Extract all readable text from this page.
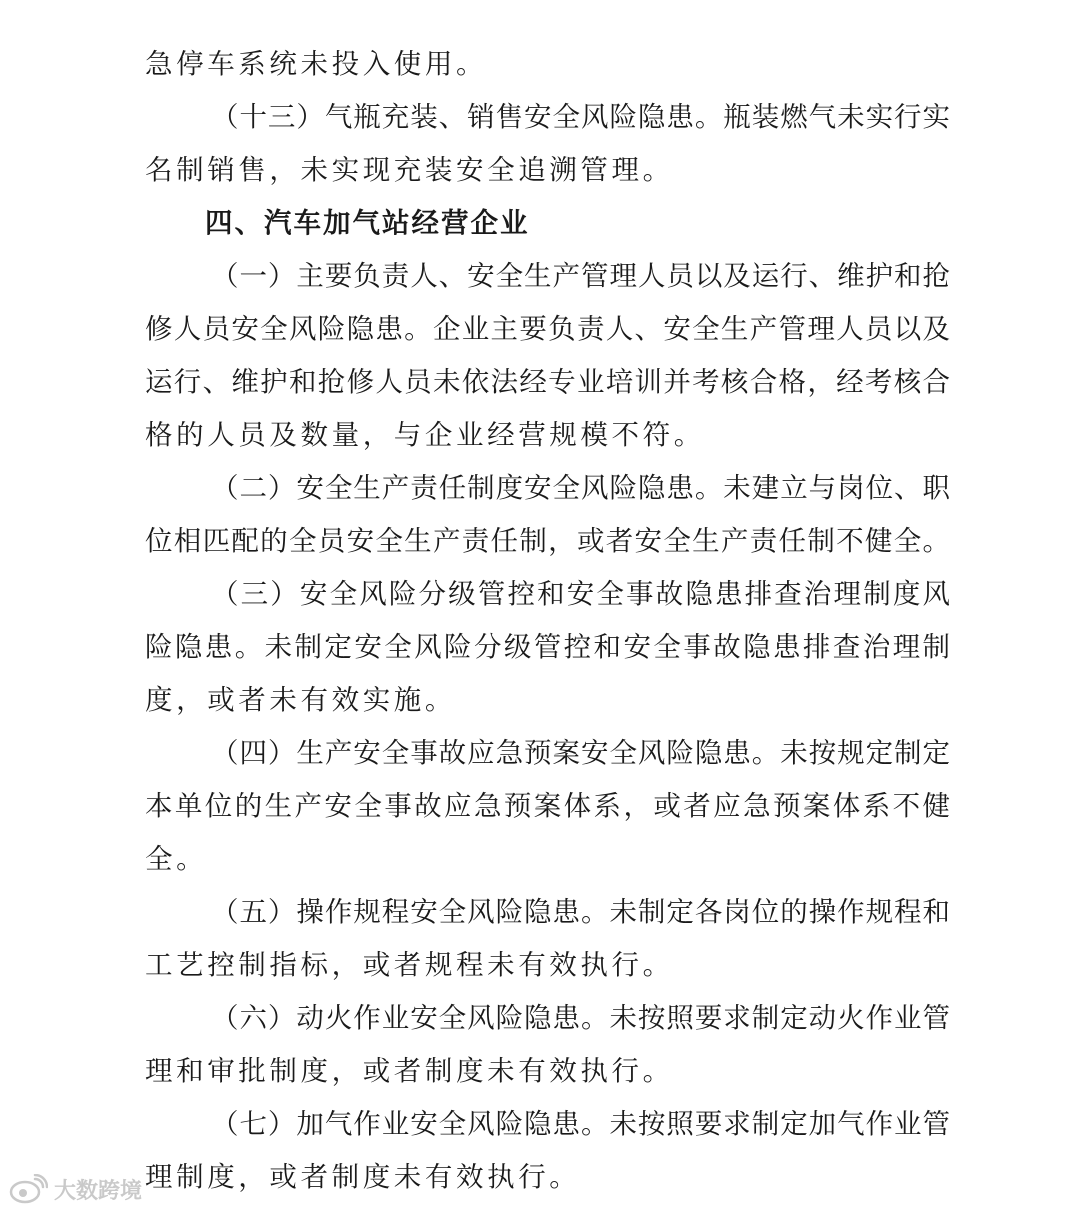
急停车系统未投入使用。
（十三）气瓶充装、销售安全风险隐患。瓶装燃气未实行实
名制销售，未实现充装安全追溯管理。
四、汽车加气站经营企业
（一）主要负责人、安全生产管理人员以及运行、维护和抢
修人员安全风险隐患。企业主要负责人、安全生产管理人员以及
运行、维护和抢修人员未依法经专业培训并考核合格，经考核合
格的人员及数量，与企业经营规模不符。
（二）安全生产责任制度安全风险隐患。未建立与岗位、职
位相匹配的全员安全生产责任制，或者安全生产责任制不健全。
（三）安全风险分级管控和安全事故隐患排查治理制度风
险隐患。未制定安全风险分级管控和安全事故隐患排查治理制
度，或者未有效实施。
（四）生产安全事故应急预案安全风险隐患。未按规定制定
本单位的生产安全事故应急预案体系，或者应急预案体系不健
全。
（五）操作规程安全风险隐患。未制定各岗位的操作规程和
工艺控制指标，或者规程未有效执行。
（六）动火作业安全风险隐患。未按照要求制定动火作业管
理和审批制度，或者制度未有效执行。
（七）加气作业安全风险隐患。未按照要求制定加气作业管
理制度，或者制度未有效执行。
大数跨境
